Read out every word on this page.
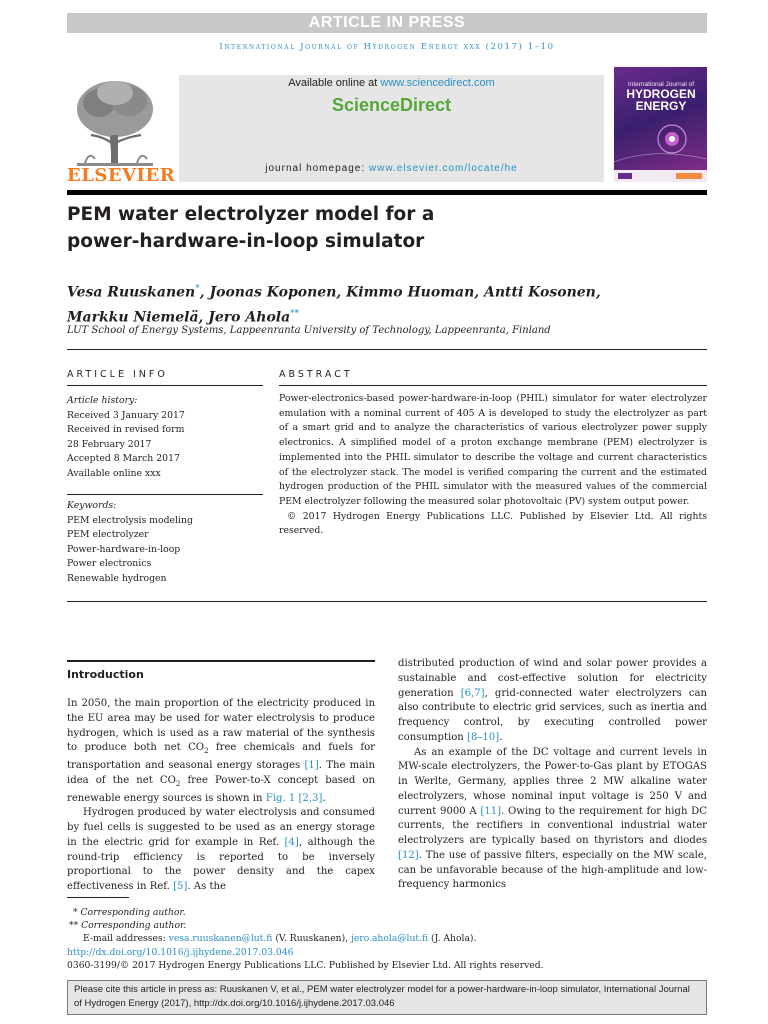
ARTICLE IN PRESS
International Journal of Hydrogen Energy xxx (2017) 1–10
ELSEVIER
Available online at www.sciencedirect.com
ScienceDirect
journal homepage: www.elsevier.com/locate/he
International Journal of
HYDROGEN
ENERGY
PEM water electrolyzer model for a
power-hardware-in-loop simulator
Vesa Ruuskanen*, Joonas Koponen, Kimmo Huoman, Antti Kosonen,
Markku Niemelä, Jero Ahola**
LUT School of Energy Systems, Lappeenranta University of Technology, Lappeenranta, Finland
ARTICLE INFO
Article history:
Received 3 January 2017
Received in revised form
28 February 2017
Accepted 8 March 2017
Available online xxx
Keywords:
PEM electrolysis modeling
PEM electrolyzer
Power-hardware-in-loop
Power electronics
Renewable hydrogen
ABSTRACT
Power-electronics-based power-hardware-in-loop (PHIL) simulator for water electrolyzer emulation with a nominal current of 405 A is developed to study the electrolyzer as part of a smart grid and to analyze the characteristics of various electrolyzer power supply electronics. A simplified model of a proton exchange membrane (PEM) electrolyzer is implemented into the PHIL simulator to describe the voltage and current characteristics of the electrolyzer stack. The model is verified comparing the current and the estimated hydrogen production of the PHIL simulator with the measured values of the commercial PEM electrolyzer following the measured solar photovoltaic (PV) system output power.
© 2017 Hydrogen Energy Publications LLC. Published by Elsevier Ltd. All rights reserved.
Introduction

In 2050, the main proportion of the electricity produced in the EU area may be used for water electrolysis to produce hydrogen, which is used as a raw material of the synthesis to produce both net $CO_2$ free chemicals and fuels for transportation and seasonal energy storages [1]. The main idea of the net $CO_2$ free Power-to-X concept based on renewable energy sources is shown in Fig. 1 [2,3].

Hydrogen produced by water electrolysis and consumed by fuel cells is suggested to be used as an energy storage in the electric grid for example in Ref. [4], although the round-trip efficiency is reported to be inversely proportional to the power density and the capex effectiveness in Ref. [5]. As the

distributed production of wind and solar power provides a sustainable and cost-effective solution for electricity generation [6,7], grid-connected water electrolyzers can also contribute to electric grid services, such as inertia and frequency control, by executing controlled power consumption [8–10].

As an example of the DC voltage and current levels in MW-scale electrolyzers, the Power-to-Gas plant by ETOGAS in Werlte, Germany, applies three 2 MW alkaline water electrolyzers, whose nominal input voltage is 250 V and current 9000 A [11]. Owing to the requirement for high DC currents, the rectifiers in conventional industrial water electrolyzers are typically based on thyristors and diodes [12]. The use of passive filters, especially on the MW scale, can be unfavorable because of the high-amplitude and low-frequency harmonics

* Corresponding author.
** Corresponding author.
E-mail addresses: vesa.ruuskanen@lut.fi (V. Ruuskanen), jero.ahola@lut.fi (J. Ahola).
http://dx.doi.org/10.1016/j.ijhydene.2017.03.046
0360-3199/© 2017 Hydrogen Energy Publications LLC. Published by Elsevier Ltd. All rights reserved.
Please cite this article in press as: Ruuskanen V, et al., PEM water electrolyzer model for a power-hardware-in-loop simulator, International Journal of Hydrogen Energy (2017), http://dx.doi.org/10.1016/j.ijhydene.2017.03.046
